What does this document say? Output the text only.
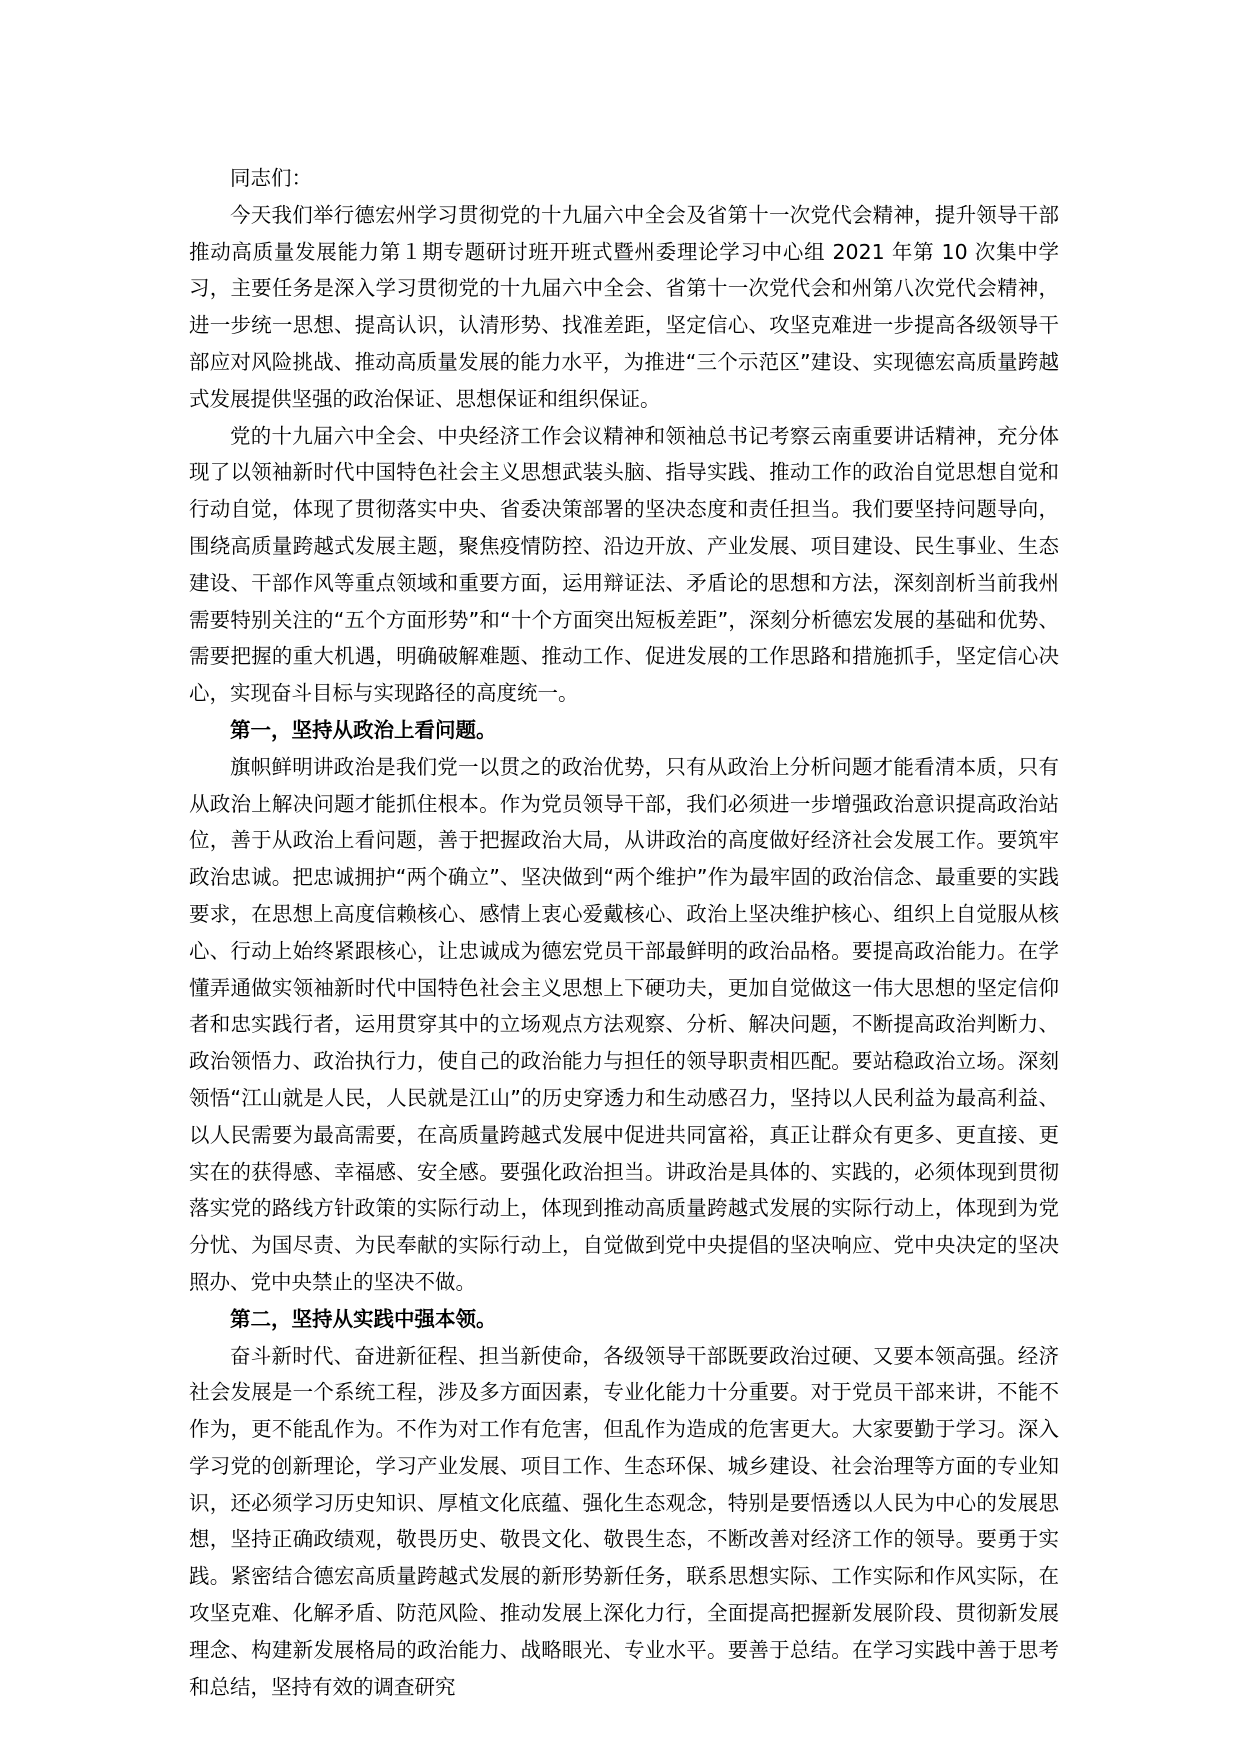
同志们：

今天我们举行德宏州学习贯彻党的十九届六中全会及省第十一次党代会精神，提升领导干部推动高质量发展能力第１期专题研讨班开班式暨州委理论学习中心组 2021 年第 10 次集中学习，主要任务是深入学习贯彻党的十九届六中全会、省第十一次党代会和州第八次党代会精神，进一步统一思想、提高认识，认清形势、找准差距，坚定信心、攻坚克难进一步提高各级领导干部应对风险挑战、推动高质量发展的能力水平，为推进“三个示范区”建设、实现德宏高质量跨越式发展提供坚强的政治保证、思想保证和组织保证。

党的十九届六中全会、中央经济工作会议精神和领袖总书记考察云南重要讲话精神，充分体现了以领袖新时代中国特色社会主义思想武装头脑、指导实践、推动工作的政治自觉思想自觉和行动自觉，体现了贯彻落实中央、省委决策部署的坚决态度和责任担当。我们要坚持问题导向，围绕高质量跨越式发展主题，聚焦疫情防控、沿边开放、产业发展、项目建设、民生事业、生态建设、干部作风等重点领域和重要方面，运用辩证法、矛盾论的思想和方法，深刻剖析当前我州需要特别关注的“五个方面形势”和“十个方面突出短板差距”，深刻分析德宏发展的基础和优势、需要把握的重大机遇，明确破解难题、推动工作、促进发展的工作思路和措施抓手，坚定信心决心，实现奋斗目标与实现路径的高度统一。

第一，坚持从政治上看问题。

旗帜鲜明讲政治是我们党一以贯之的政治优势，只有从政治上分析问题才能看清本质，只有从政治上解决问题才能抓住根本。作为党员领导干部，我们必须进一步增强政治意识提高政治站位，善于从政治上看问题，善于把握政治大局，从讲政治的高度做好经济社会发展工作。要筑牢政治忠诚。把忠诚拥护“两个确立”、坚决做到“两个维护”作为最牢固的政治信念、最重要的实践要求，在思想上高度信赖核心、感情上衷心爱戴核心、政治上坚决维护核心、组织上自觉服从核心、行动上始终紧跟核心，让忠诚成为德宏党员干部最鲜明的政治品格。要提高政治能力。在学懂弄通做实领袖新时代中国特色社会主义思想上下硬功夫，更加自觉做这一伟大思想的坚定信仰者和忠实践行者，运用贯穿其中的立场观点方法观察、分析、解决问题，不断提高政治判断力、政治领悟力、政治执行力，使自己的政治能力与担任的领导职责相匹配。要站稳政治立场。深刻领悟“江山就是人民，人民就是江山”的历史穿透力和生动感召力，坚持以人民利益为最高利益、以人民需要为最高需要，在高质量跨越式发展中促进共同富裕，真正让群众有更多、更直接、更实在的获得感、幸福感、安全感。要强化政治担当。讲政治是具体的、实践的，必须体现到贯彻落实党的路线方针政策的实际行动上，体现到推动高质量跨越式发展的实际行动上，体现到为党分忧、为国尽责、为民奉献的实际行动上，自觉做到党中央提倡的坚决响应、党中央决定的坚决照办、党中央禁止的坚决不做。

第二，坚持从实践中强本领。

奋斗新时代、奋进新征程、担当新使命，各级领导干部既要政治过硬、又要本领高强。经济社会发展是一个系统工程，涉及多方面因素，专业化能力十分重要。对于党员干部来讲，不能不作为，更不能乱作为。不作为对工作有危害，但乱作为造成的危害更大。大家要勤于学习。深入学习党的创新理论，学习产业发展、项目工作、生态环保、城乡建设、社会治理等方面的专业知识，还必须学习历史知识、厚植文化底蕴、强化生态观念，特别是要悟透以人民为中心的发展思想，坚持正确政绩观，敬畏历史、敬畏文化、敬畏生态，不断改善对经济工作的领导。要勇于实践。紧密结合德宏高质量跨越式发展的新形势新任务，联系思想实际、工作实际和作风实际，在攻坚克难、化解矛盾、防范风险、推动发展上深化力行，全面提高把握新发展阶段、贯彻新发展理念、构建新发展格局的政治能力、战略眼光、专业水平。要善于总结。在学习实践中善于思考和总结，坚持有效的调查研究
